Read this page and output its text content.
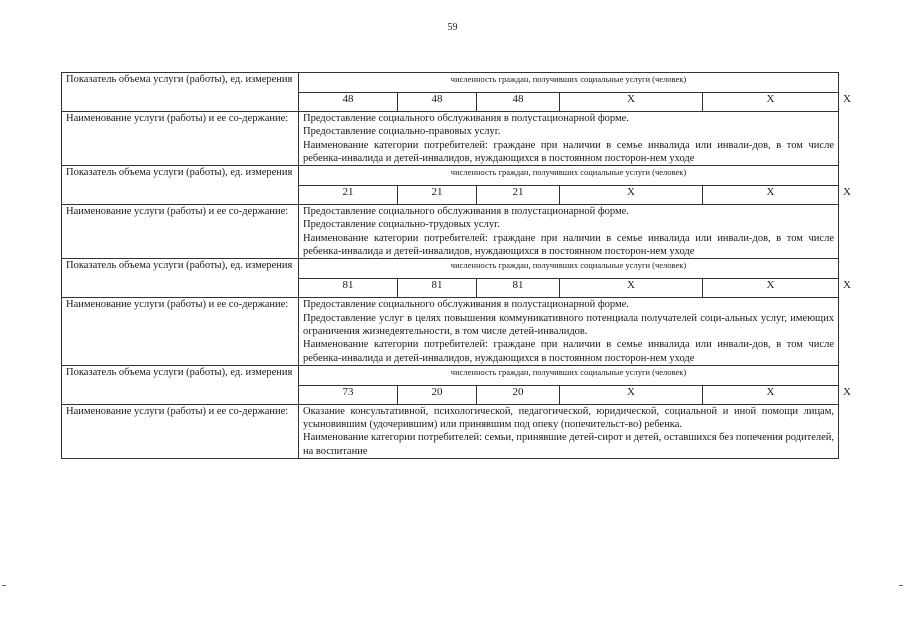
59
Показатель объема услуги (работы), ед. измерения	численность граждан, получивших социальные услуги (человек)					
	48	48	48	X	X	X
Наименование услуги (работы) и ее со-держание:	Предоставление социального обслуживания в полустационарной форме.

Предоставление социально-правовых услуг.

Наименование категории потребителей: граждане при наличии в семье инвалида или инвали-дов, в том числе ребенка-инвалида и детей-инвалидов, нуждающихся в постоянном посторон-нем уходе					

Показатель объема услуги (работы), ед. измерения	численность граждан, получивших социальные услуги (человек)					
	21	21	21	X	X	X
Наименование услуги (работы) и ее со-держание:	Предоставление социального обслуживания в полустационарной форме.

Предоставление социально-трудовых услуг.

Наименование категории потребителей: граждане при наличии в семье инвалида или инвали-дов, в том числе ребенка-инвалида и детей-инвалидов, нуждающихся в постоянном посторон-нем уходе					

Показатель объема услуги (работы), ед. измерения	численность граждан, получивших социальные услуги (человек)					
	81	81	81	X	X	X
Наименование услуги (работы) и ее со-держание:	Предоставление социального обслуживания в полустационарной форме.

Предоставление услуг в целях повышения коммуникативного потенциала получателей соци-альных услуг, имеющих ограничения жизнедеятельности, в том числе детей-инвалидов.

Наименование категории потребителей: граждане при наличии в семье инвалида или инвали-дов, в том числе ребенка-инвалида и детей-инвалидов, нуждающихся в постоянном посторон-нем уходе					

Показатель объема услуги (работы), ед. измерения	численность граждан, получивших социальные услуги (человек)					
	73	20	20	X	X	X
Наименование услуги (работы) и ее со-держание:	Оказание консультативной, психологической, педагогической, юридической, социальной и иной помощи лицам, усыновившим (удочерившим) или принявшим под опеку (попечительст-во) ребенка.

Наименование категории потребителей: семьи, принявшие детей-сирот и детей, оставшихся без попечения родителей, на воспитание					
